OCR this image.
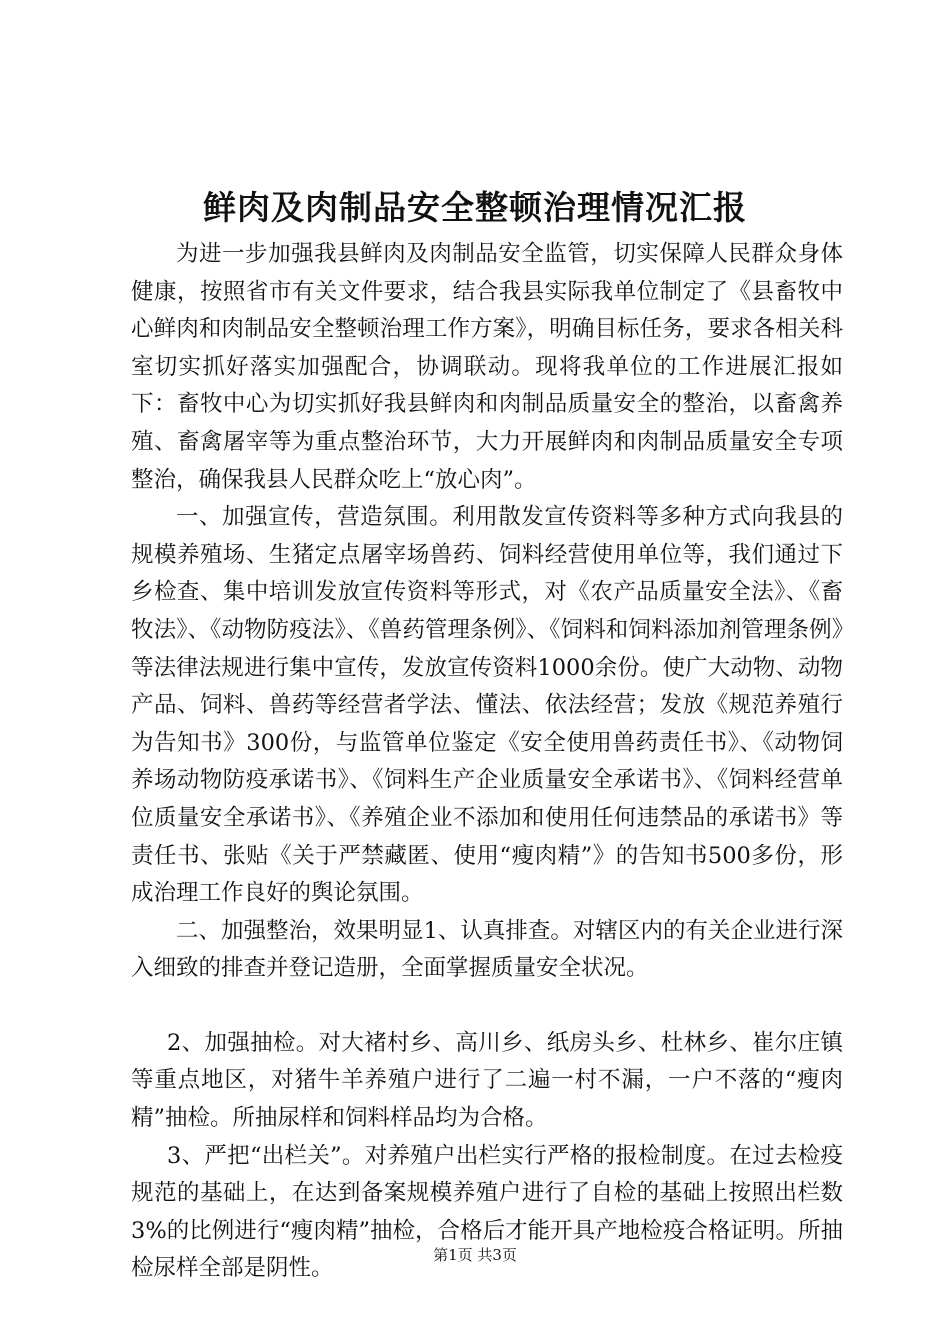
鲜肉及肉制品安全整顿治理情况汇报

为进一步加强我县鲜肉及肉制品安全监管，切实保障人民群众身体健康，按照省市有关文件要求，结合我县实际我单位制定了《县畜牧中心鲜肉和肉制品安全整顿治理工作方案》，明确目标任务，要求各相关科室切实抓好落实加强配合，协调联动。现将我单位的工作进展汇报如下：畜牧中心为切实抓好我县鲜肉和肉制品质量安全的整治，以畜禽养殖、畜禽屠宰等为重点整治环节，大力开展鲜肉和肉制品质量安全专项整治，确保我县人民群众吃上“放心肉”。

一、加强宣传，营造氛围。利用散发宣传资料等多种方式向我县的规模养殖场、生猪定点屠宰场兽药、饲料经营使用单位等，我们通过下乡检查、集中培训发放宣传资料等形式，对《农产品质量安全法》、《畜牧法》、《动物防疫法》、《兽药管理条例》、《饲料和饲料添加剂管理条例》等法律法规进行集中宣传，发放宣传资料1000余份。使广大动物、动物产品、饲料、兽药等经营者学法、懂法、依法经营；发放《规范养殖行为告知书》300份，与监管单位鉴定《安全使用兽药责任书》、《动物饲养场动物防疫承诺书》、《饲料生产企业质量安全承诺书》、《饲料经营单位质量安全承诺书》、《养殖企业不添加和使用任何违禁品的承诺书》等责任书、张贴《关于严禁藏匿、使用“瘦肉精”》的告知书500多份，形成治理工作良好的舆论氛围。

二、加强整治，效果明显1、认真排查。对辖区内的有关企业进行深入细致的排查并登记造册，全面掌握质量安全状况。

2、加强抽检。对大褚村乡、高川乡、纸房头乡、杜林乡、崔尔庄镇等重点地区，对猪牛羊养殖户进行了二遍一村不漏，一户不落的“瘦肉精”抽检。所抽尿样和饲料样品均为合格。

3、严把“出栏关”。对养殖户出栏实行严格的报检制度。在过去检疫规范的基础上，在达到备案规模养殖户进行了自检的基础上按照出栏数3%的比例进行“瘦肉精”抽检，合格后才能开具产地检疫合格证明。所抽检尿样全部是阴性。

第1页 共3页
